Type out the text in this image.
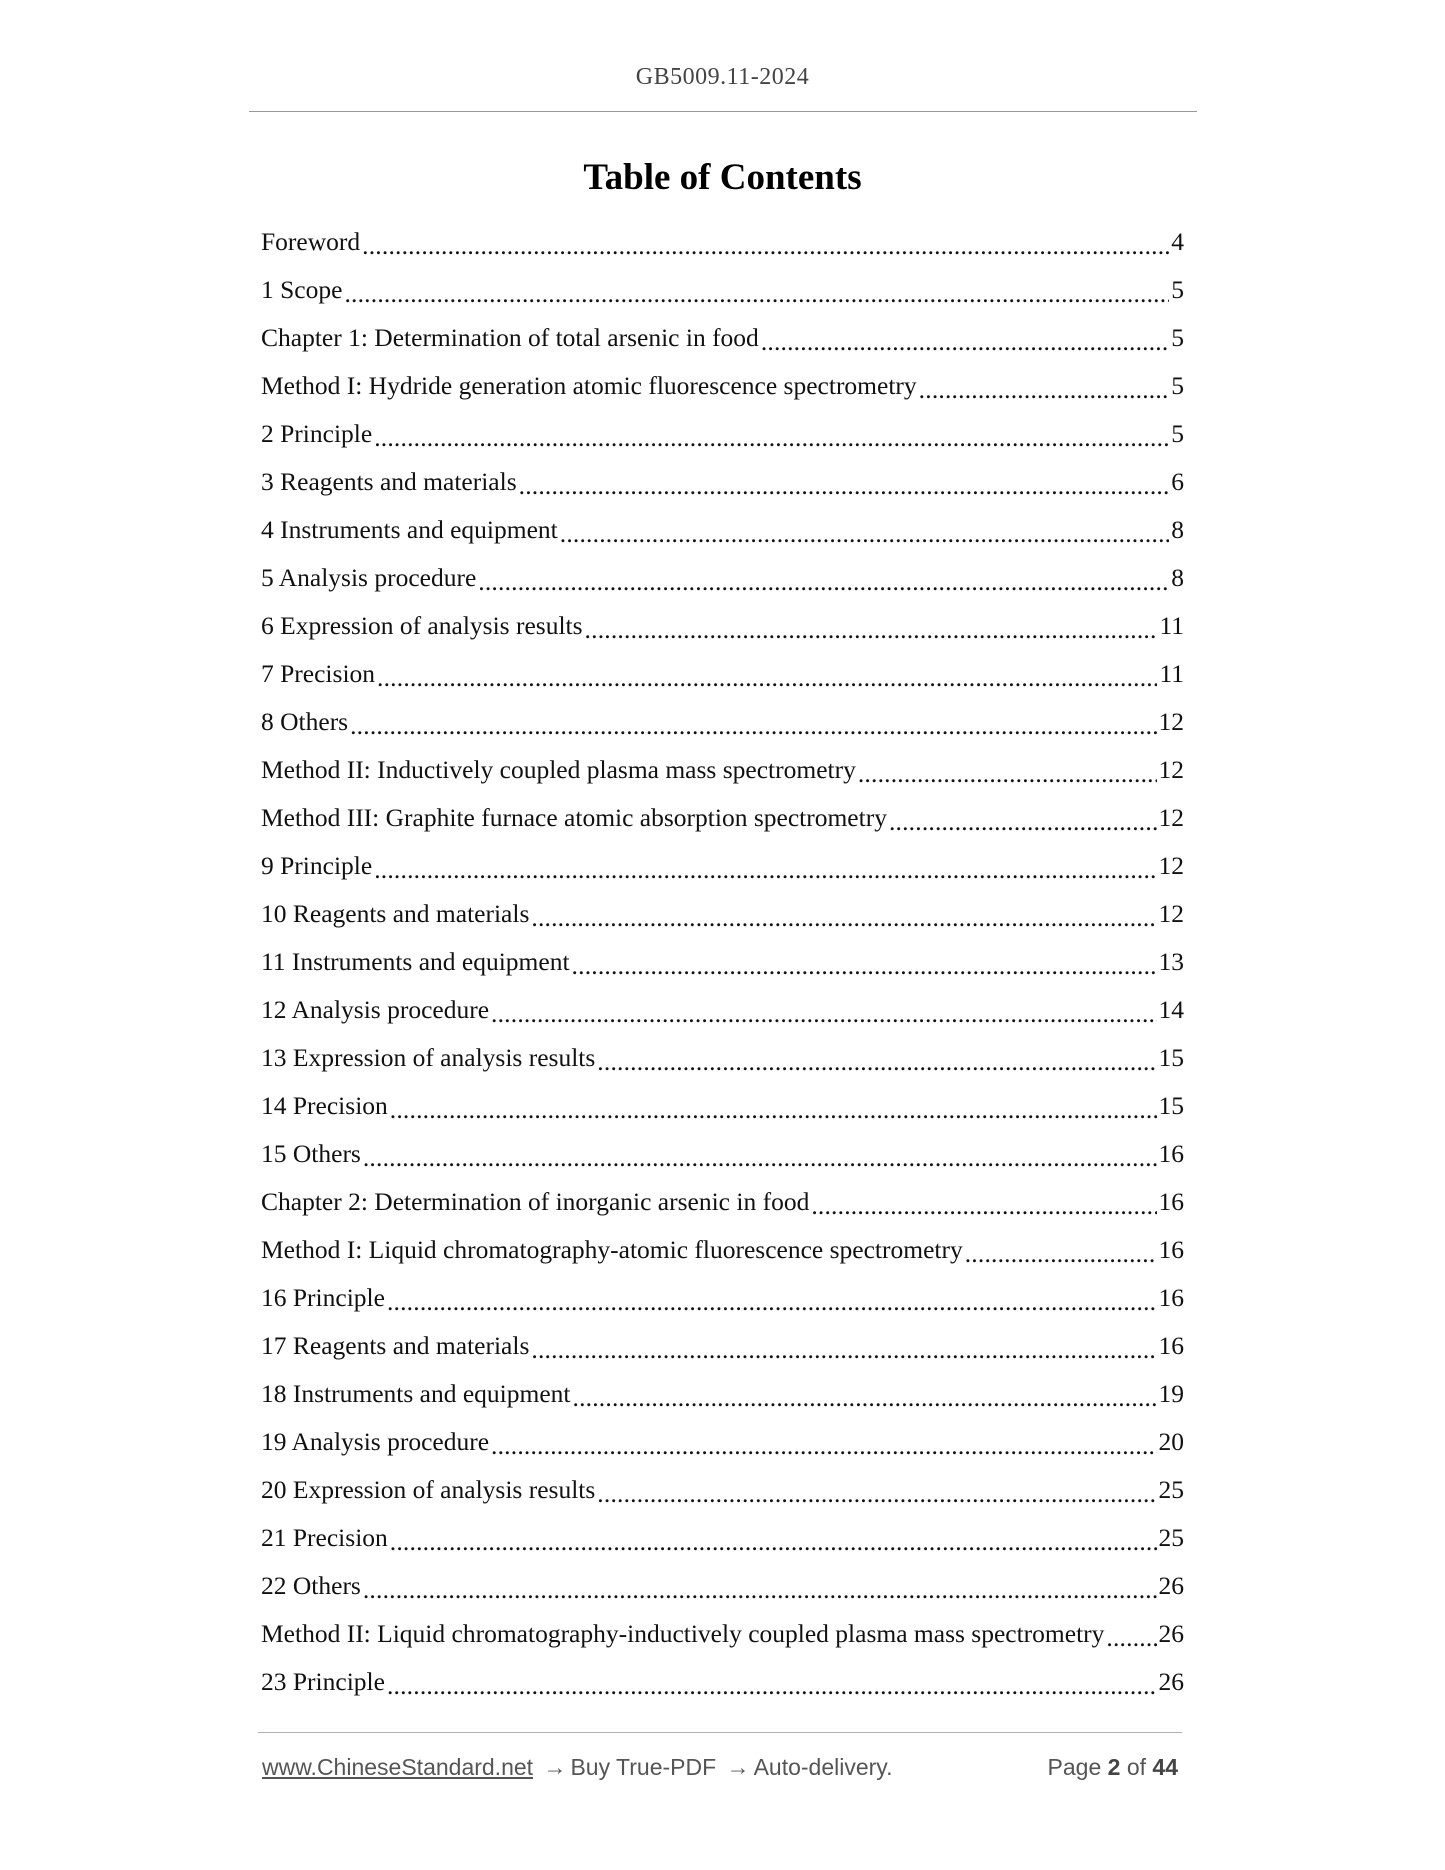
GB5009.11-2024
Table of Contents
Foreword .....	4
1 Scope .....	5
Chapter 1: Determination of total arsenic in food .....	5
Method I: Hydride generation atomic fluorescence spectrometry .....	5
2 Principle .....	5
3 Reagents and materials .....	6
4 Instruments and equipment .....	8
5 Analysis procedure .....	8
6 Expression of analysis results .....	11
7 Precision .....	11
8 Others .....	12
Method II: Inductively coupled plasma mass spectrometry .....	12
Method III: Graphite furnace atomic absorption spectrometry .....	12
9 Principle .....	12
10 Reagents and materials .....	12
11 Instruments and equipment .....	13
12 Analysis procedure .....	14
13 Expression of analysis results .....	15
14 Precision .....	15
15 Others .....	16
Chapter 2: Determination of inorganic arsenic in food .....	16
Method I: Liquid chromatography-atomic fluorescence spectrometry .....	16
16 Principle .....	16
17 Reagents and materials .....	16
18 Instruments and equipment .....	19
19 Analysis procedure .....	20
20 Expression of analysis results .....	25
21 Precision .....	25
22 Others .....	26
Method II: Liquid chromatography-inductively coupled plasma mass spectrometry ..... 26
23 Principle .....	26
www.ChineseStandard.net → Buy True-PDF → Auto-delivery.	Page 2 of 44
